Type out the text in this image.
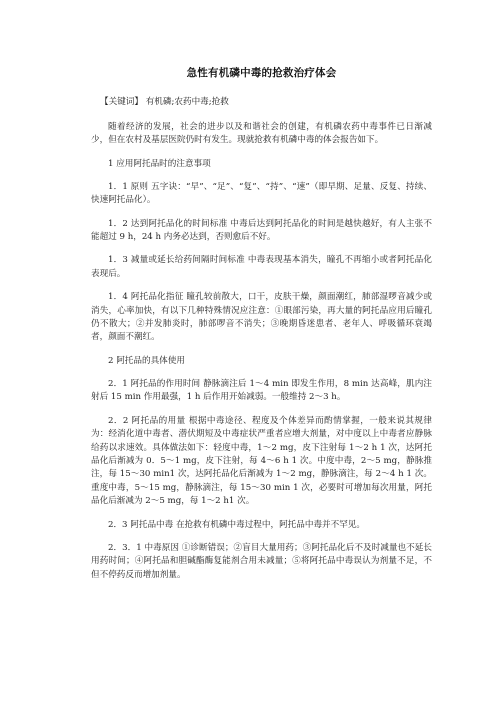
急性有机磷中毒的抢救治疗体会

【关键词】 有机磷;农药中毒;抢救

随着经济的发展，社会的进步以及和谐社会的创建，有机磷农药中毒事件已日渐减少，但在农村及基层医院仍时有发生。现就抢救有机磷中毒的体会报告如下。

1 应用阿托品时的注意事项

1．1 原则 五字诀：“早”、“足”、“复”、“持”、“速”（即早期、足量、反复、持续、快速阿托品化）。

1．2 达到阿托品化的时间标准 中毒后达到阿托品化的时间是越快越好，有人主张不能超过 9 h，24 h 内务必达到，否则愈后不好。

1．3 减量或延长给药间隔时间标准 中毒表现基本消失，瞳孔不再缩小或者阿托品化表现后。

1．4 阿托品化指征 瞳孔较前散大，口干，皮肤干燥，颜面潮红，肺部湿啰音减少或消失，心率加快，有以下几种特殊情况应注意：①眼部污染，再大量的阿托品应用后瞳孔仍不散大；②并发肺炎时，肺部啰音不消失；③晚期昏迷患者、老年人、呼吸循环衰竭者，颜面不潮红。

2 阿托品的具体使用

2．1 阿托品的作用时间 静脉滴注后 1～4 min 即发生作用，8 min 达高峰，肌内注射后 15 min 作用最强，1 h 后作用开始减弱。一般维持 2～3 h。

2．2 阿托品的用量 根据中毒途径、程度及个体差异而酌情掌握，一般来说其规律为：经消化道中毒者、潜伏期短及中毒症状严重者应增大剂量，对中度以上中毒者应静脉给药以求速效。具体做法如下：轻度中毒，1～2 mg，皮下注射每 1～2 h 1 次，达阿托品化后渐减为 0．5～1 mg，皮下注射，每 4～6 h 1 次。中度中毒，2～5 mg，静脉推注，每 15～30 min1 次，达阿托品化后渐减为 1～2 mg，静脉滴注，每 2～4 h 1 次。重度中毒，5～15 mg，静脉滴注，每 15～30 min 1 次，必要时可增加每次用量，阿托品化后渐减为 2～5 mg，每 1～2 h1 次。

2．3 阿托品中毒 在抢救有机磷中毒过程中，阿托品中毒并不罕见。

2．3．1 中毒原因 ①诊断错误；②盲目大量用药；③阿托品化后不及时减量也不延长用药时间；④阿托品和胆碱酯酶复能剂合用未减量；⑤将阿托品中毒误认为剂量不足，不但不停药反而增加剂量。
